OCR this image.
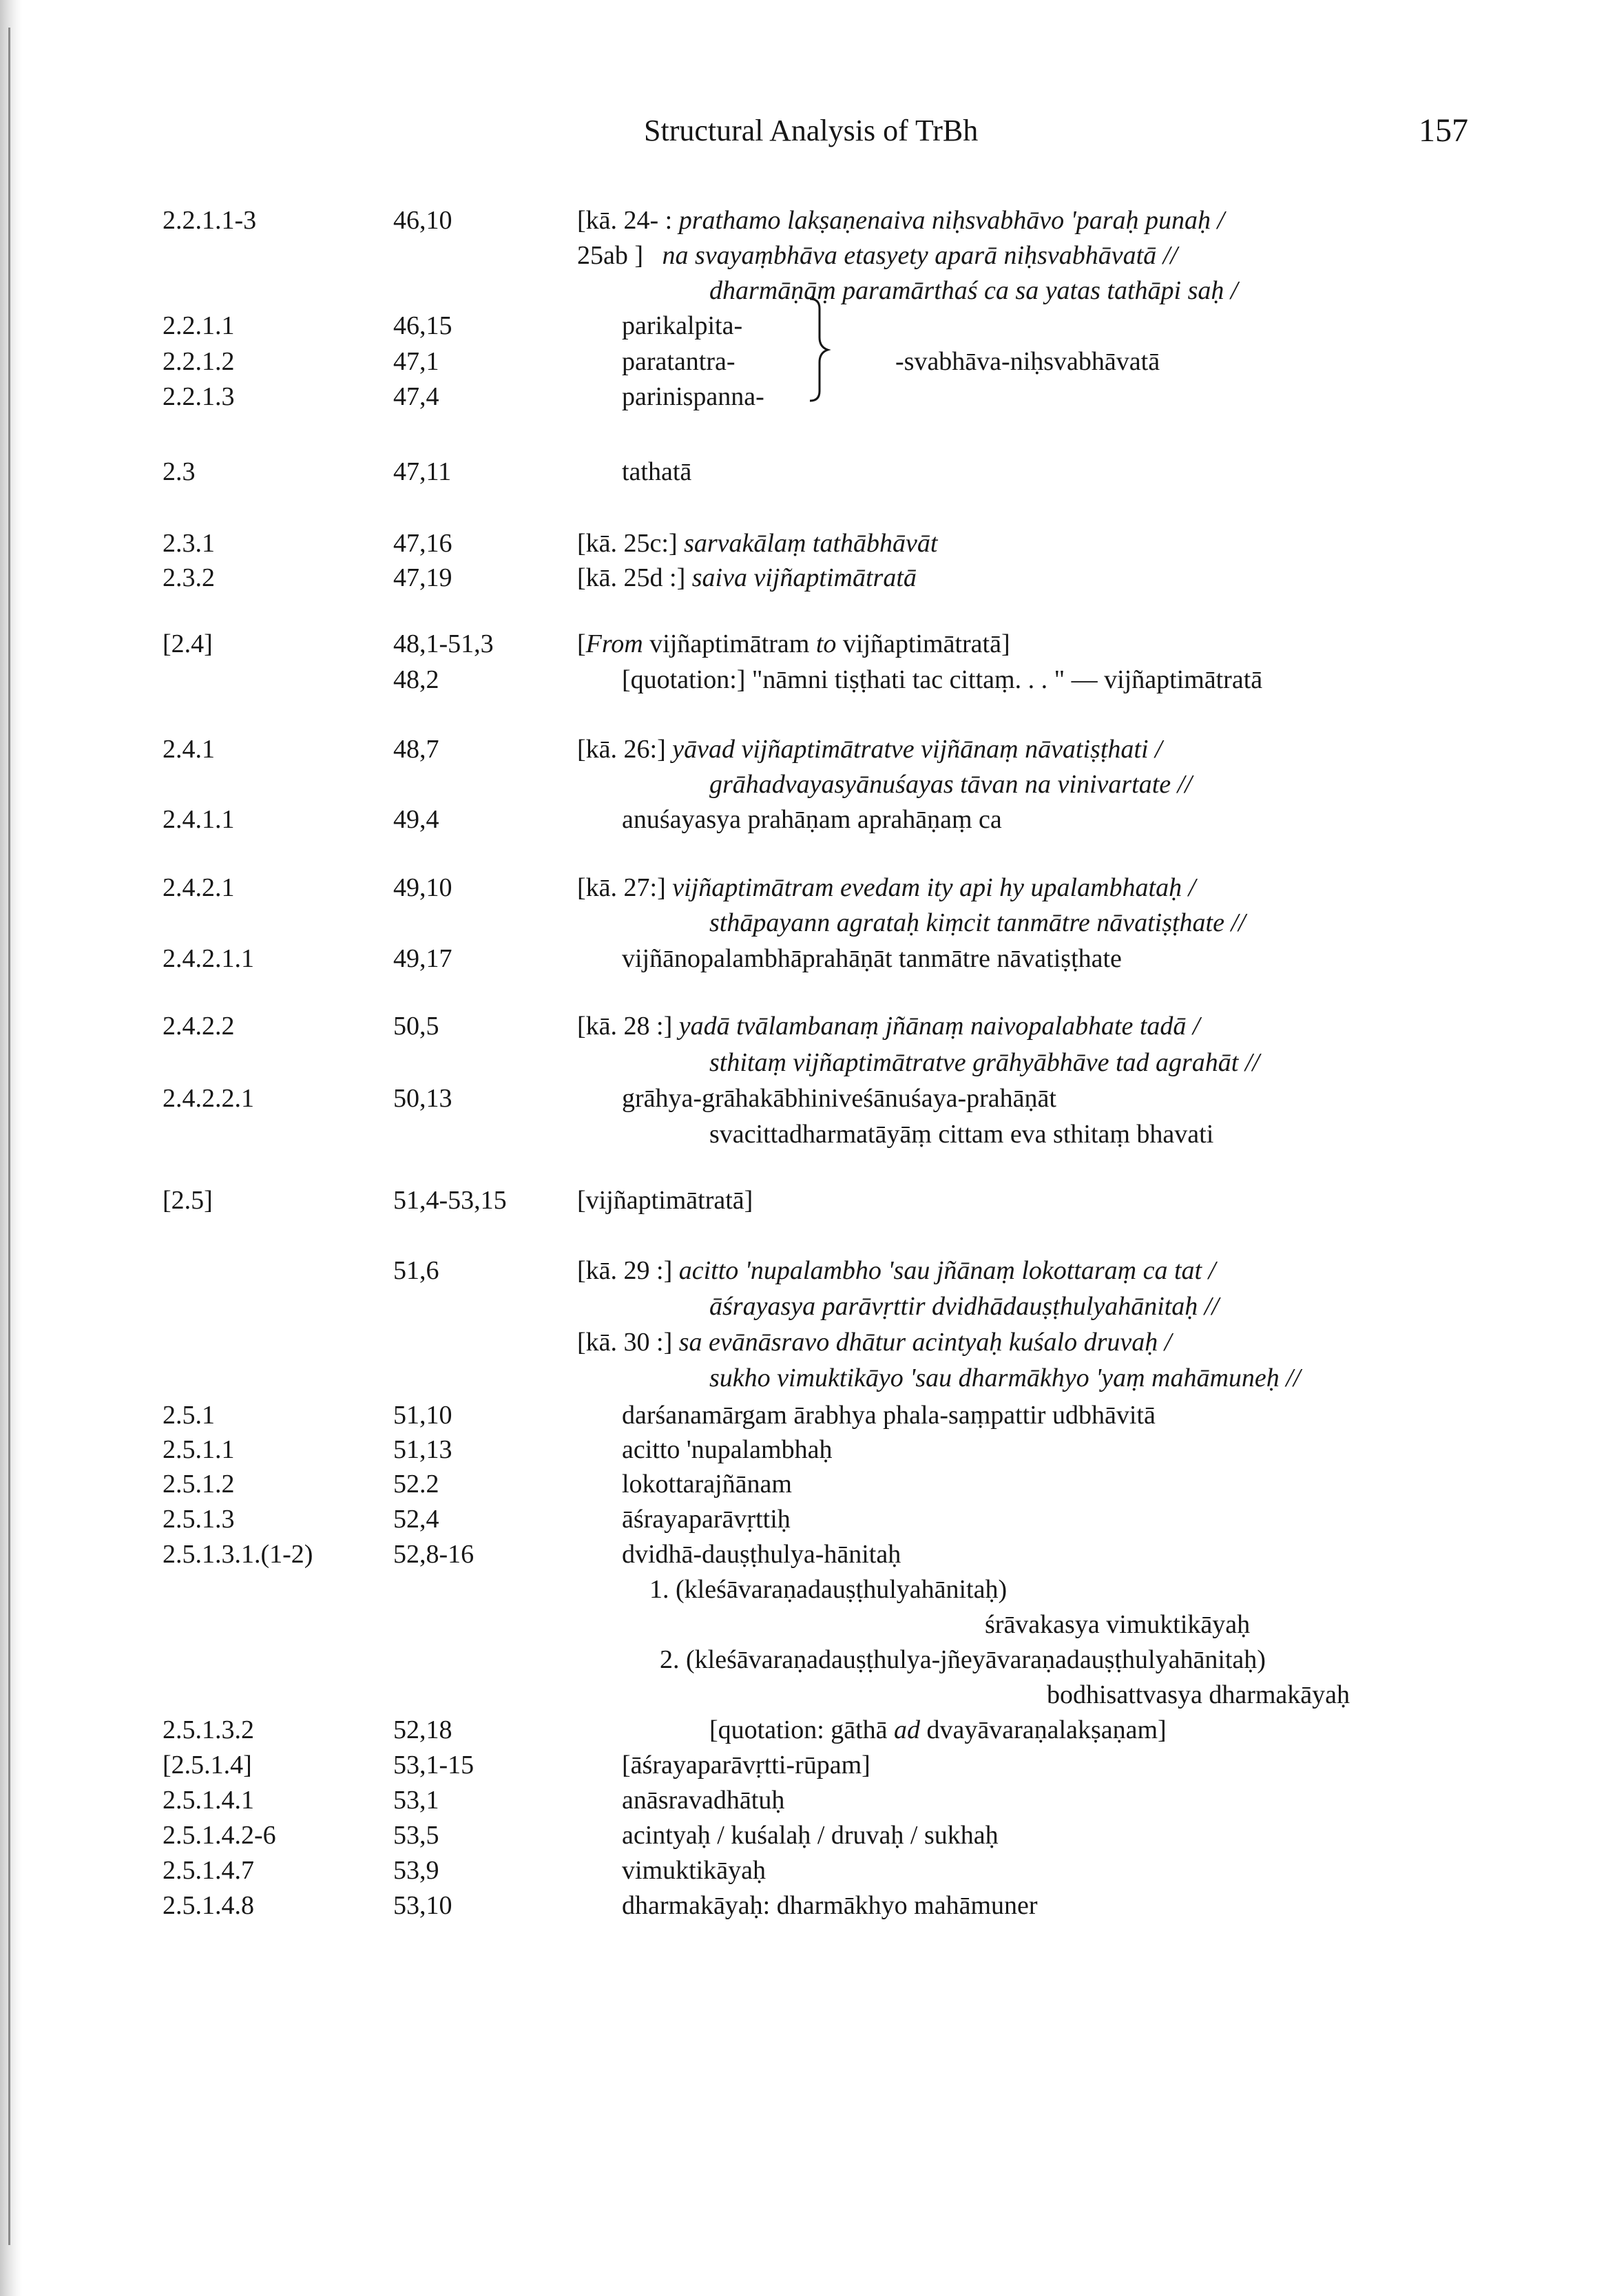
Structural Analysis of TrBh	157
2.2.1.1-3
2.2.1.1
2.2.1.2
2.2.1.3
2.3
2.3.1
2.3.2
[2.4]
2.4.1
2.4.1.1
2.4.2.1
2.4.2.1.1
2.4.2.2
2.4.2.2.1
[2.5]
2.5.1
2.5.1.1
2.5.1.2
2.5.1.3
2.5.1.3.1.(1-2)
2.5.1.3.2
[2.5.1.4]
2.5.1.4.1
2.5.1.4.2-6
2.5.1.4.7
2.5.1.4.8
46,10
46,15
47,1
47,4
47,11
47,16
47,19
48,1-51,3
48,2
48,7
49,4
49,10
49,17
50,5
50,13
51,4-53,15
51,6
51,10
51,13
52.2
52,4
52,8-16
52,18
53,1-15
53,1
53,5
53,9
53,10
[kā. 24- : prathamo lakṣaṇenaiva niḥsvabhāvo 'paraḥ punaḥ /
25ab ] na svayaṃbhāva etasyety aparā niḥsvabhāvatā //
dharmāṇāṃ paramārthaś ca sa yatas tathāpi saḥ /
parikalpita-
paratantra-
parinispanna-
-svabhāva-niḥsvabhāvatā
tathatā
[kā. 25c:] sarvakālaṃ tathābhāvāt
[kā. 25d :] saiva vijñaptimātratā
[From vijñaptimātram to vijñaptimātratā]
[quotation:] "nāmni tiṣṭhati tac cittaṃ. . . " — vijñaptimātratā
[kā. 26:] yāvad vijñaptimātratve vijñānaṃ nāvatiṣṭhati /
grāhadvayasyānuśayas tāvan na vinivartate //
anuśayasya prahāṇam aprahāṇaṃ ca
[kā. 27:] vijñaptimātram evedam ity api hy upalambhataḥ /
sthāpayann agrataḥ kiṃcit tanmātre nāvatiṣṭhate //
vijñānopalambhāprahāṇāt tanmātre nāvatiṣṭhate
[kā. 28 :] yadā tvālambanaṃ jñānaṃ naivopalabhate tadā /
sthitaṃ vijñaptimātratve grāhyābhāve tad agrahāt //
grāhya-grāhakābhiniveśānuśaya-prahāṇāt
svacittadharmatāyāṃ cittam eva sthitaṃ bhavati
[vijñaptimātratā]
[kā. 29 :] acitto 'nupalambho 'sau jñānaṃ lokottaraṃ ca tat /
āśrayasya parāvṛttir dvidhādauṣṭhulyahānitaḥ //
[kā. 30 :] sa evānāsravo dhātur acintyaḥ kuśalo druvaḥ /
sukho vimuktikāyo 'sau dharmākhyo 'yaṃ mahāmuneḥ //
darśanamārgam ārabhya phala-saṃpattir udbhāvitā
acitto 'nupalambhaḥ
lokottarajñānam
āśrayaparāvṛttiḥ
dvidhā-dauṣṭhulya-hānitaḥ
1. (kleśāvaraṇadauṣṭhulyahānitaḥ)
śrāvakasya vimuktikāyaḥ
2. (kleśāvaraṇadauṣṭhulya-jñeyāvaraṇadauṣṭhulyahānitaḥ)
bodhisattvasya dharmakāyaḥ
[quotation: gāthā ad dvayāvaraṇalakṣaṇam]
[āśrayaparāvṛtti-rūpam]
anāsravadhātuḥ
acintyaḥ / kuśalaḥ / druvaḥ / sukhaḥ
vimuktikāyaḥ
dharmakāyaḥ: dharmākhyo mahāmuner
